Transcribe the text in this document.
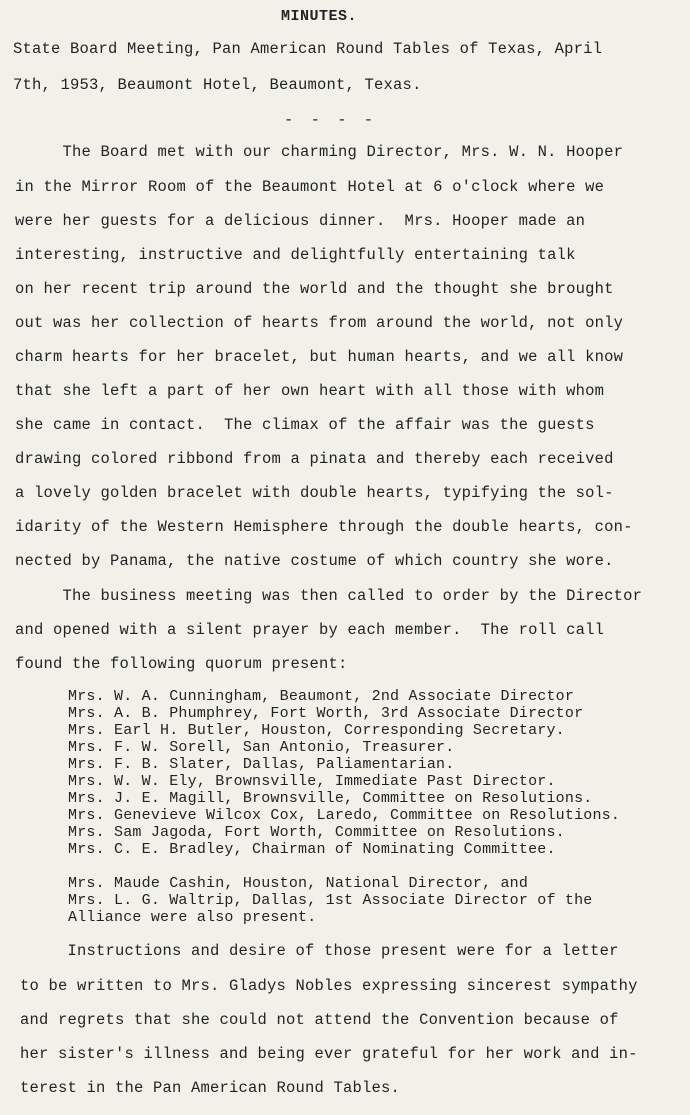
MINUTES.
State Board Meeting, Pan American Round Tables of Texas, April
7th, 1953, Beaumont Hotel, Beaumont, Texas.
- - - -
The Board met with our charming Director, Mrs. W. N. Hooper
in the Mirror Room of the Beaumont Hotel at 6 o'clock where we
were her guests for a delicious dinner.  Mrs. Hooper made an
interesting, instructive and delightfully entertaining talk
on her recent trip around the world and the thought she brought
out was her collection of hearts from around the world, not only
charm hearts for her bracelet, but human hearts, and we all know
that she left a part of her own heart with all those with whom
she came in contact.  The climax of the affair was the guests
drawing colored ribbond from a pinata and thereby each received
a lovely golden bracelet with double hearts, typifying the sol-
idarity of the Western Hemisphere through the double hearts, con-
nected by Panama, the native costume of which country she wore.
The business meeting was then called to order by the Director
and opened with a silent prayer by each member.  The roll call
found the following quorum present:
Mrs. W. A. Cunningham, Beaumont, 2nd Associate Director
Mrs. A. B. Phumphrey, Fort Worth, 3rd Associate Director
Mrs. Earl H. Butler, Houston, Corresponding Secretary.
Mrs. F. W. Sorell, San Antonio, Treasurer.
Mrs. F. B. Slater, Dallas, Paliamentarian.
Mrs. W. W. Ely, Brownsville, Immediate Past Director.
Mrs. J. E. Magill, Brownsville, Committee on Resolutions.
Mrs. Genevieve Wilcox Cox, Laredo, Committee on Resolutions.
Mrs. Sam Jagoda, Fort Worth, Committee on Resolutions.
Mrs. C. E. Bradley, Chairman of Nominating Committee.
Mrs. Maude Cashin, Houston, National Director, and
Mrs. L. G. Waltrip, Dallas, 1st Associate Director of the
Alliance were also present.
Instructions and desire of those present were for a letter
to be written to Mrs. Gladys Nobles expressing sincerest sympathy
and regrets that she could not attend the Convention because of
her sister's illness and being ever grateful for her work and in-
terest in the Pan American Round Tables.
